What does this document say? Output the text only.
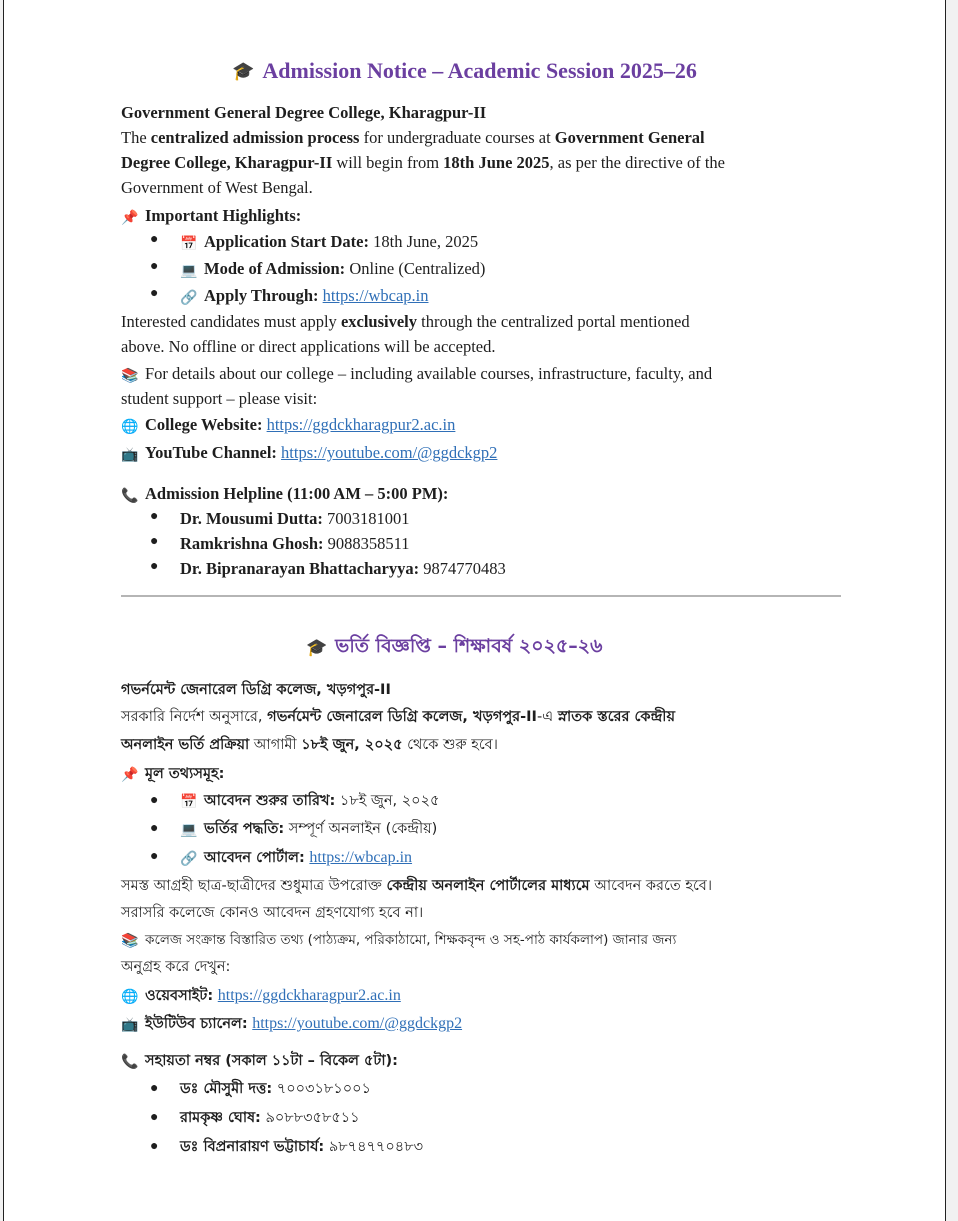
🎓 Admission Notice – Academic Session 2025–26
Government General Degree College, Kharagpur-II
The centralized admission process for undergraduate courses at Government General
Degree College, Kharagpur-II will begin from 18th June 2025, as per the directive of the
Government of West Bengal.
📌 Important Highlights:
● 📅 Application Start Date: 18th June, 2025
● 💻 Mode of Admission: Online (Centralized)
● 🔗 Apply Through: https://wbcap.in
Interested candidates must apply exclusively through the centralized portal mentioned
above. No offline or direct applications will be accepted.
📚 For details about our college – including available courses, infrastructure, faculty, and
student support – please visit:
🌐 College Website: https://ggdckharagpur2.ac.in
📺 YouTube Channel: https://youtube.com/@ggdckgp2
📞 Admission Helpline (11:00 AM – 5:00 PM):
● Dr. Mousumi Dutta: 7003181001
● Ramkrishna Ghosh: 9088358511
● Dr. Bipranarayan Bhattacharyya: 9874770483
🎓 ভর্তি বিজ্ঞপ্তি – শিক্ষাবর্ষ ২০২৫–২৬
গভর্নমেন্ট জেনারেল ডিগ্রি কলেজ, খড়গপুর-II
সরকারি নির্দেশ অনুসারে, গভর্নমেন্ট জেনারেল ডিগ্রি কলেজ, খড়গপুর-II-এ স্নাতক স্তরের কেন্দ্রীয়
অনলাইন ভর্তি প্রক্রিয়া আগামী ১৮ই জুন, ২০২৫ থেকে শুরু হবে।
📌 মূল তথ্যসমূহ:
● 📅 আবেদন শুরুর তারিখ: ১৮ই জুন, ২০২৫
● 💻 ভর্তির পদ্ধতি: সম্পূর্ণ অনলাইন (কেন্দ্রীয়)
● 🔗 আবেদন পোর্টাল: https://wbcap.in
সমস্ত আগ্রহী ছাত্র-ছাত্রীদের শুধুমাত্র উপরোক্ত কেন্দ্রীয় অনলাইন পোর্টালের মাধ্যমে আবেদন করতে হবে।
সরাসরি কলেজে কোনও আবেদন গ্রহণযোগ্য হবে না।
📚 কলেজ সংক্রান্ত বিস্তারিত তথ্য (পাঠ্যক্রম, পরিকাঠামো, শিক্ষকবৃন্দ ও সহ-পাঠ কার্যকলাপ) জানার জন্য
অনুগ্রহ করে দেখুন:
🌐 ওয়েবসাইট: https://ggdckharagpur2.ac.in
📺 ইউটিউব চ্যানেল: https://youtube.com/@ggdckgp2
📞 সহায়তা নম্বর (সকাল ১১টা – বিকেল ৫টা):
● ডঃ মৌসুমী দত্ত: ৭০০৩১৮১০০১
● রামকৃষ্ণ ঘোষ: ৯০৮৮৩৫৮৫১১
● ডঃ বিপ্রনারায়ণ ভট্টাচার্য: ৯৮৭৪৭৭০৪৮৩
